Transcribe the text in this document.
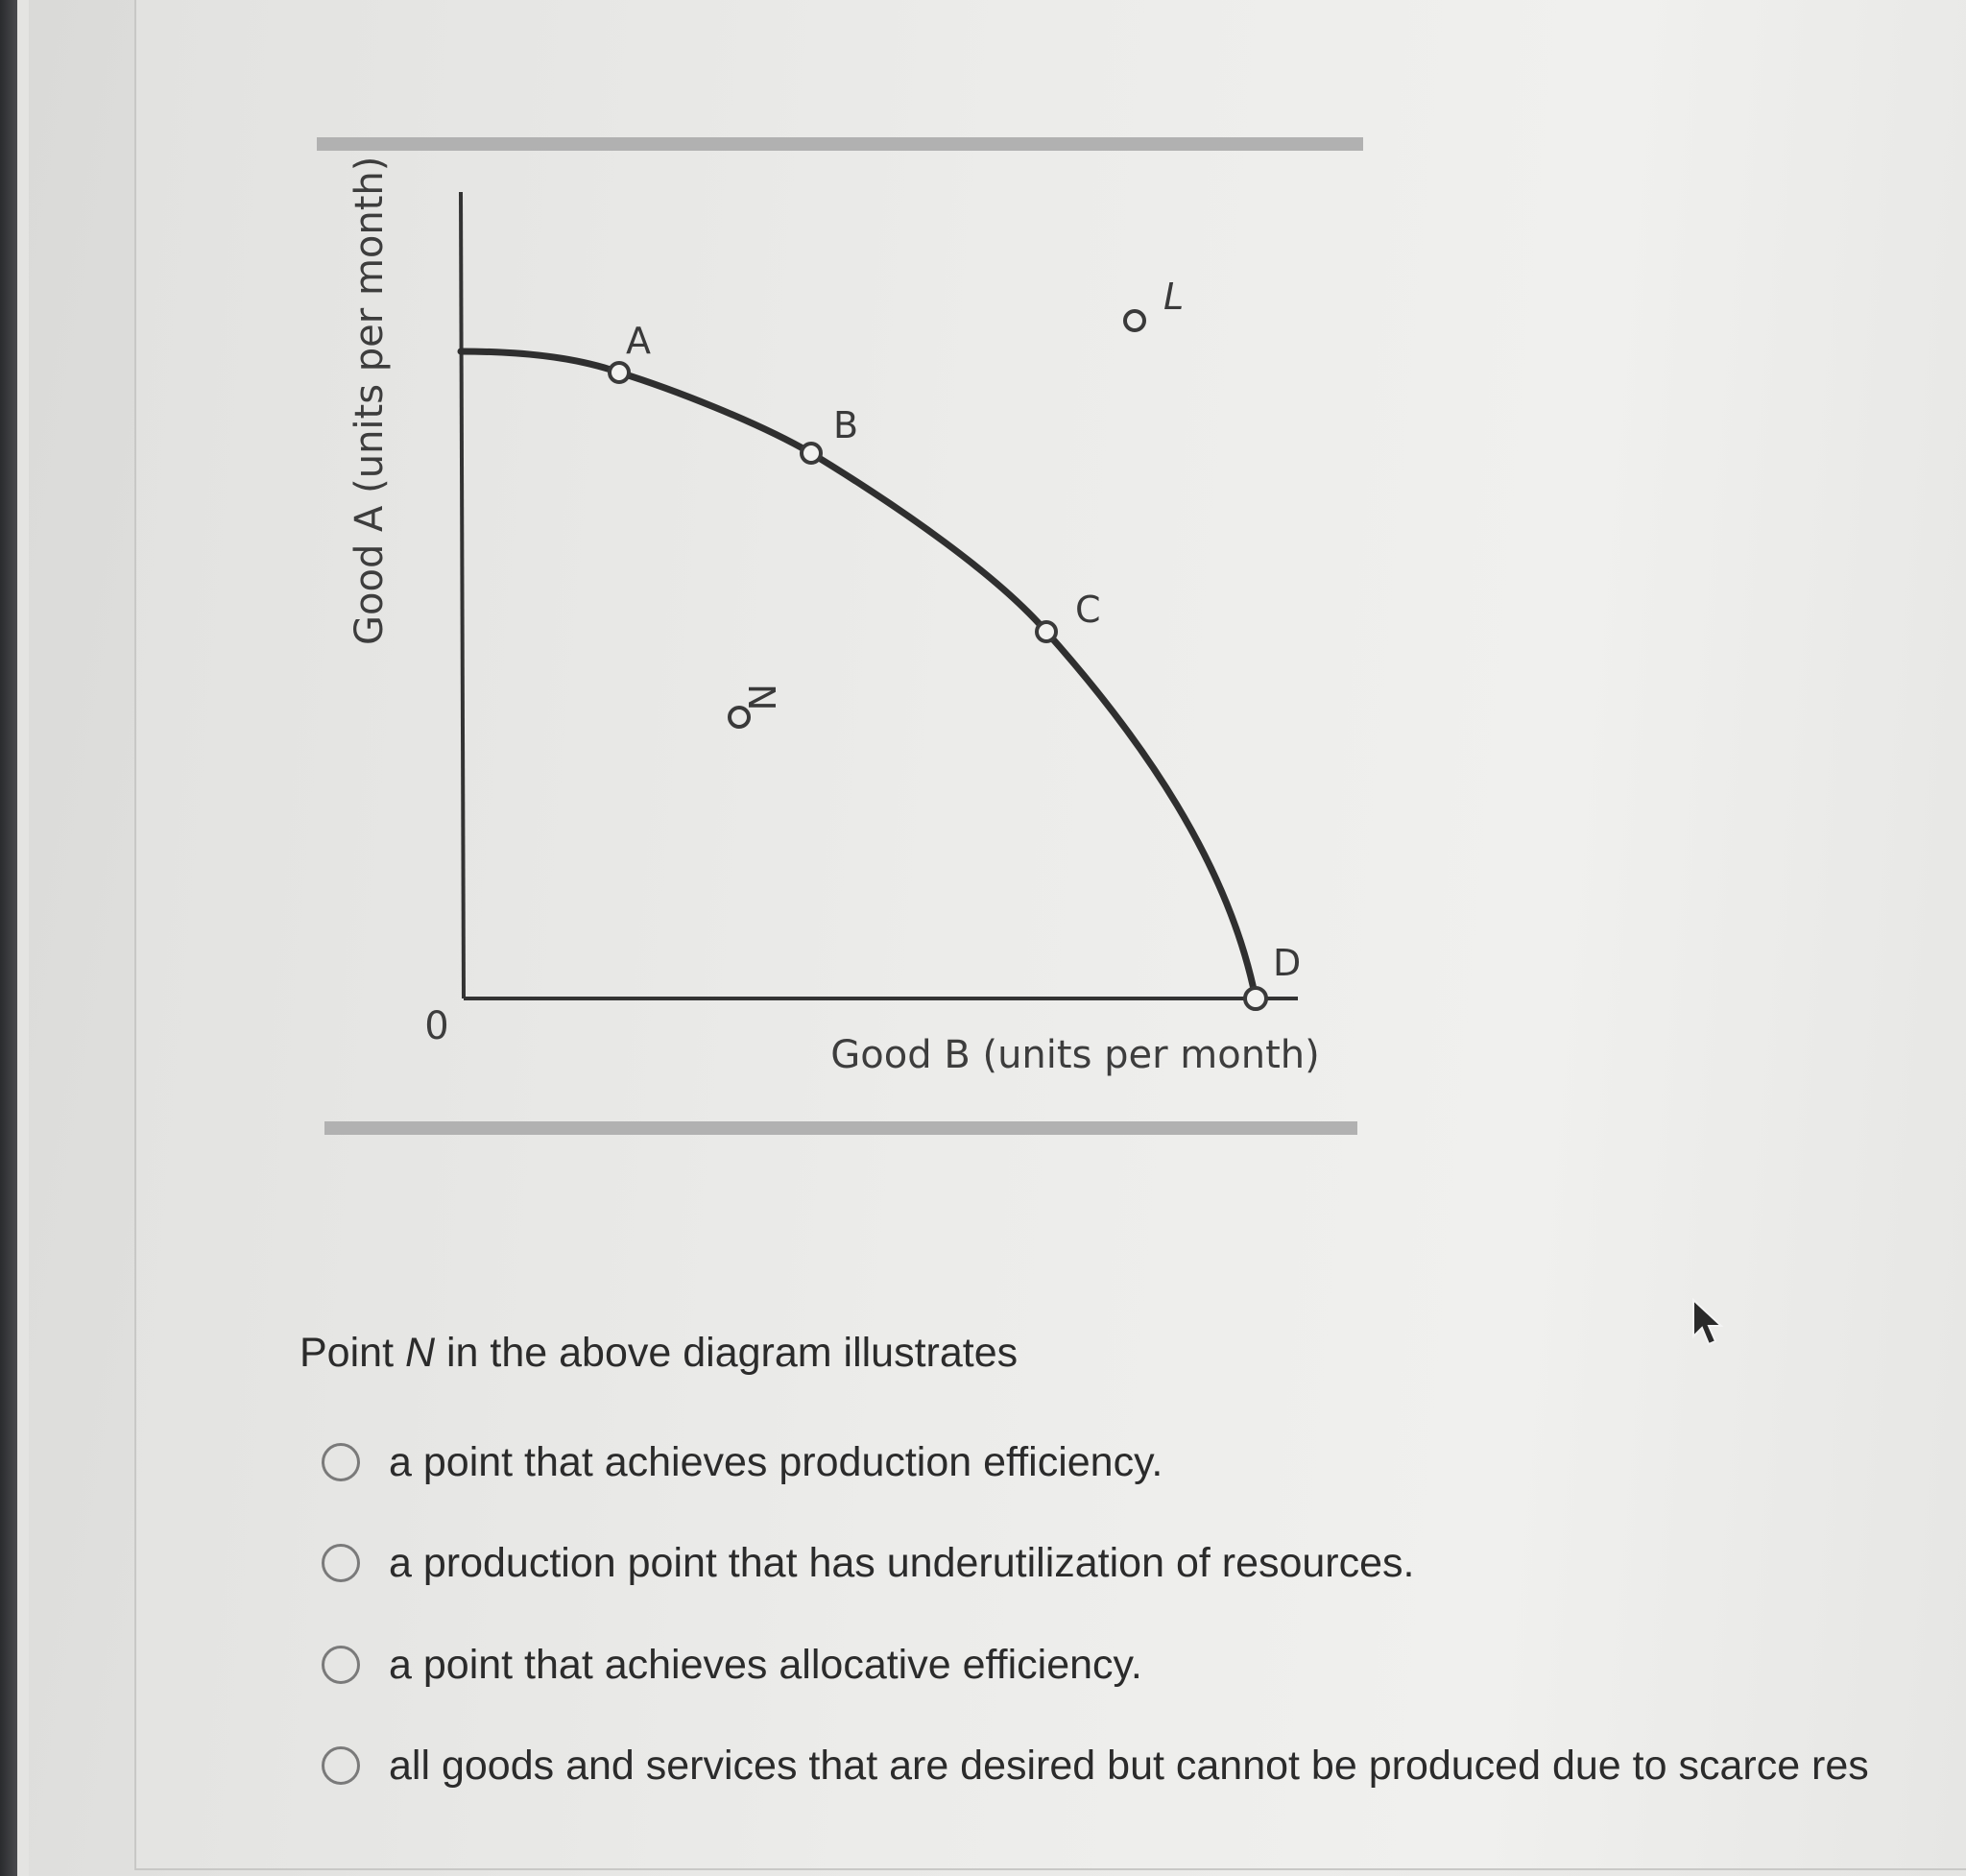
Good A (units per month)
Good B (units per month)
0
A
B
C
D
L
N
Point N in the above diagram illustrates
a point that achieves production efficiency.
a production point that has underutilization of resources.
a point that achieves allocative efficiency.
all goods and services that are desired but cannot be produced due to scarce res
